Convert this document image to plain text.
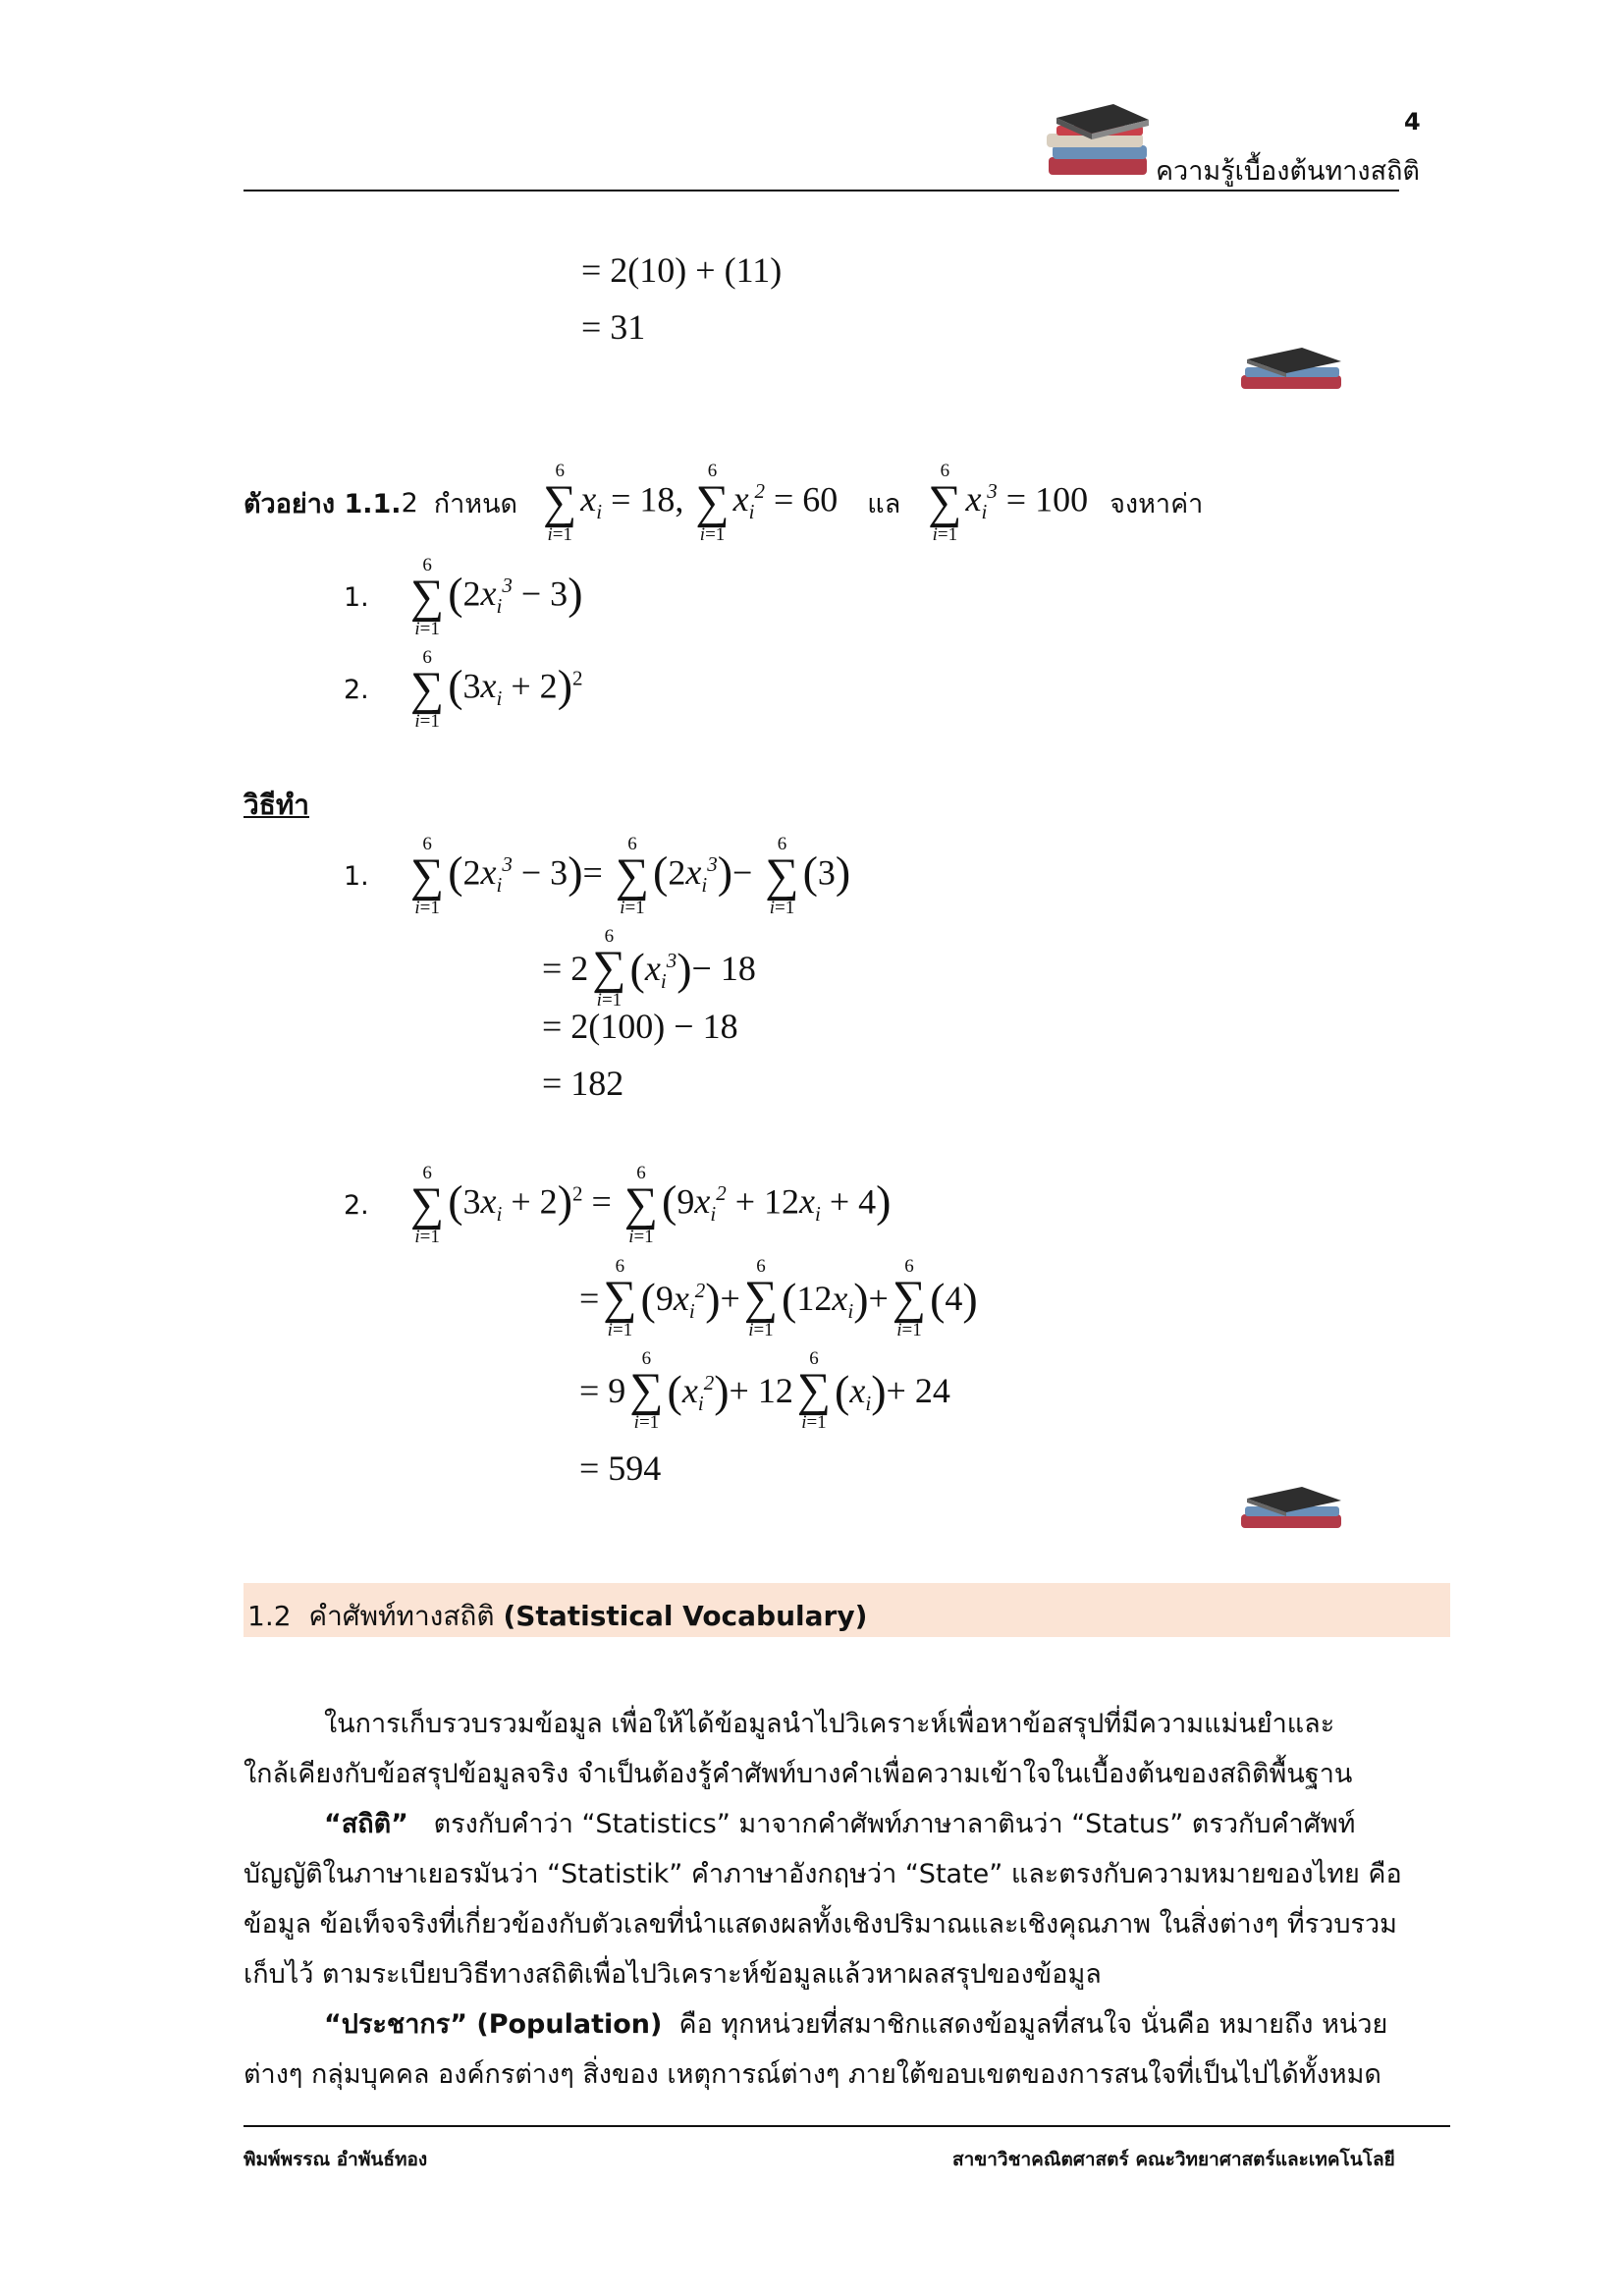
4
ความรู้เบื้องต้นทางสถิติ
= 2(10) + (11)
= 31
ตัวอย่าง 1.1. 2 กำหนด
6
∑
i=1
$x_i = 18$,
6
∑
i=1
$x_i^2 = 60$ แล
6
∑
i=1
$x_i^3 = 100$ จงหาค่า
1.
6
∑
i=1
$(2x_i^3 - 3)$
2.
6
∑
i=1
$(3x_i + 2)^2$
วิธีทำ
1.
6
∑
i=1
$(2x_i^3 - 3)=$
6
∑
i=1
$(2x_i^3)-$
6
∑
i=1
(3)
= 2
6
∑
i=1
( $x_i^3$ ) − 18
= 2(100) − 18
= 182
2.
6
∑
i=1
$(3x_i + 2)^2$ =
6
∑
i=1
$(9x_i^2 + 12x_i + 4)$
=
6
∑
i=1
( 9 $x_i^2$ ) +
6
∑
i=1
( 12 $x_i$ ) +
6
∑
i=1
( 4 )
= 9
6
∑
i=1
( $x_i^2$ ) + 12
6
∑
i=1
( $x_i$ ) + 24
= 594
1.2 คำศัพท์ทางสถิติ (Statistical Vocabulary)
ในการเก็บรวบรวมข้อมูล เพื่อให้ได้ข้อมูลนำไปวิเคราะห์เพื่อหาข้อสรุปที่มีความแม่นยำและ
ใกล้เคียงกับข้อสรุปข้อมูลจริง จำเป็นต้องรู้คำศัพท์บางคำเพื่อความเข้าใจในเบื้องต้นของสถิติพื้นฐาน
“สถิติ” ตรงกับคำว่า “Statistics” มาจากคำศัพท์ภาษาลาตินว่า “Status” ตรวกับคำศัพท์
บัญญัติในภาษาเยอรมันว่า “Statistik” คำภาษาอังกฤษว่า “State” และตรงกับความหมายของไทย คือ
ข้อมูล ข้อเท็จจริงที่เกี่ยวข้องกับตัวเลขที่นำแสดงผลทั้งเชิงปริมาณและเชิงคุณภาพ ในสิ่งต่างๆ ที่รวบรวม
เก็บไว้ ตามระเบียบวิธีทางสถิติเพื่อไปวิเคราะห์ข้อมูลแล้วหาผลสรุปของข้อมูล
“ประชากร” (Population) คือ ทุกหน่วยที่สมาชิกแสดงข้อมูลที่สนใจ นั่นคือ หมายถึง หน่วย
ต่างๆ กลุ่มบุคคล องค์กรต่างๆ สิ่งของ เหตุการณ์ต่างๆ ภายใต้ขอบเขตของการสนใจที่เป็นไปได้ทั้งหมด
พิมพ์พรรณ อำพันธ์ทอง	สาขาวิชาคณิตศาสตร์ คณะวิทยาศาสตร์และเทคโนโลยี
